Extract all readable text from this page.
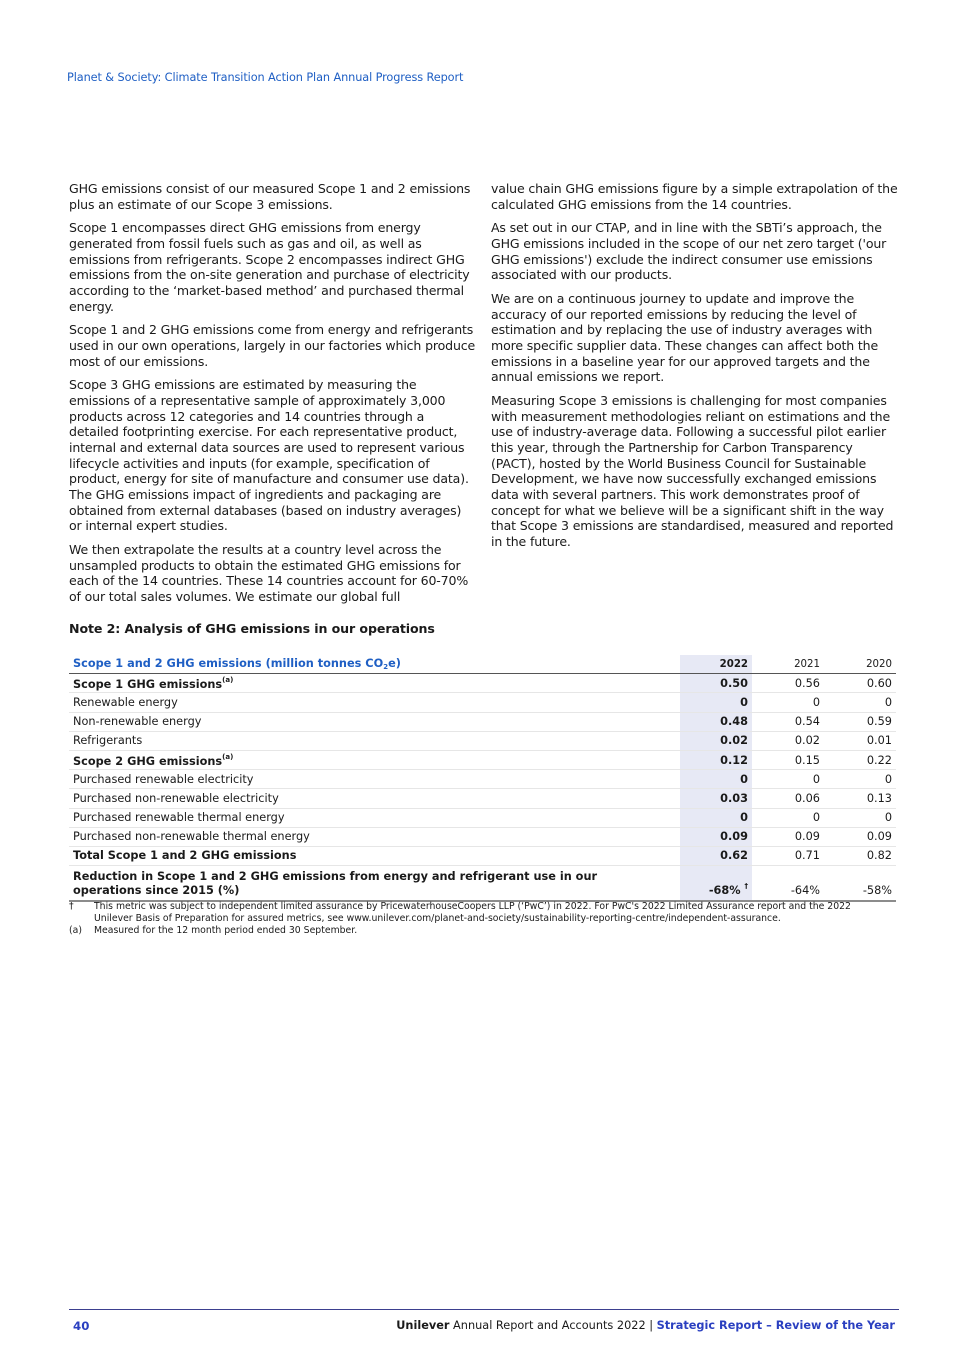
Planet & Society: Climate Transition Action Plan Annual Progress Report

GHG emissions consist of our measured Scope 1 and 2 emissions plus an estimate of our Scope 3 emissions.

Scope 1 encompasses direct GHG emissions from energy generated from fossil fuels such as gas and oil, as well as emissions from refrigerants. Scope 2 encompasses indirect GHG emissions from the on-site generation and purchase of electricity according to the ‘market-based method’ and purchased thermal energy.

Scope 1 and 2 GHG emissions come from energy and refrigerants used in our own operations, largely in our factories which produce most of our emissions.

Scope 3 GHG emissions are estimated by measuring the emissions of a representative sample of approximately 3,000 products across 12 categories and 14 countries through a detailed footprinting exercise. For each representative product, internal and external data sources are used to represent various lifecycle activities and inputs (for example, specification of product, energy for site of manufacture and consumer use data). The GHG emissions impact of ingredients and packaging are obtained from external databases (based on industry averages) or internal expert studies.

We then extrapolate the results at a country level across the unsampled products to obtain the estimated GHG emissions for each of the 14 countries. These 14 countries account for 60-70% of our total sales volumes. We estimate our global full

value chain GHG emissions figure by a simple extrapolation of the calculated GHG emissions from the 14 countries.

As set out in our CTAP, and in line with the SBTi’s approach, the GHG emissions included in the scope of our net zero target ('our GHG emissions') exclude the indirect consumer use emissions associated with our products.

We are on a continuous journey to update and improve the accuracy of our reported emissions by reducing the level of estimation and by replacing the use of industry averages with more specific supplier data. These changes can affect both the emissions in a baseline year for our approved targets and the annual emissions we report.

Measuring Scope 3 emissions is challenging for most companies with measurement methodologies reliant on estimations and the use of industry-average data. Following a successful pilot earlier this year, through the Partnership for Carbon Transparency (PACT), hosted by the World Business Council for Sustainable Development, we have now successfully exchanged emissions data with several partners. This work demonstrates proof of concept for what we believe will be a significant shift in the way that Scope 3 emissions are standardised, measured and reported in the future.

Note 2: Analysis of GHG emissions in our operations
Scope 1 and 2 GHG emissions (million tonnes $CO_2e$)	2022	2021	2020
Scope 1 GHG emissions$^{(a)}$	0.50	0.56	0.60
Renewable energy	0	0	0
Non-renewable energy	0.48	0.54	0.59
Refrigerants	0.02	0.02	0.01
Scope 2 GHG emissions$^{(a)}$	0.12	0.15	0.22
Purchased renewable electricity	0	0	0
Purchased non-renewable electricity	0.03	0.06	0.13
Purchased renewable thermal energy	0	0	0
Purchased non-renewable thermal energy	0.09	0.09	0.09
Total Scope 1 and 2 GHG emissions	0.62	0.71	0.82
Reduction in Scope 1 and 2 GHG emissions from energy and refrigerant use in our
operations since 2015 (%)	-68% †	-64%	-58%
†	This metric was subject to independent limited assurance by PricewaterhouseCoopers LLP (‘PwC’) in 2022. For PwC's 2022 Limited Assurance report and the 2022
Unilever Basis of Preparation for assured metrics, see www.unilever.com/planet-and-society/sustainability-reporting-centre/independent-assurance.
(a)	Measured for the 12 month period ended 30 September.
40	Unilever Annual Report and Accounts 2022 | Strategic Report – Review of the Year
